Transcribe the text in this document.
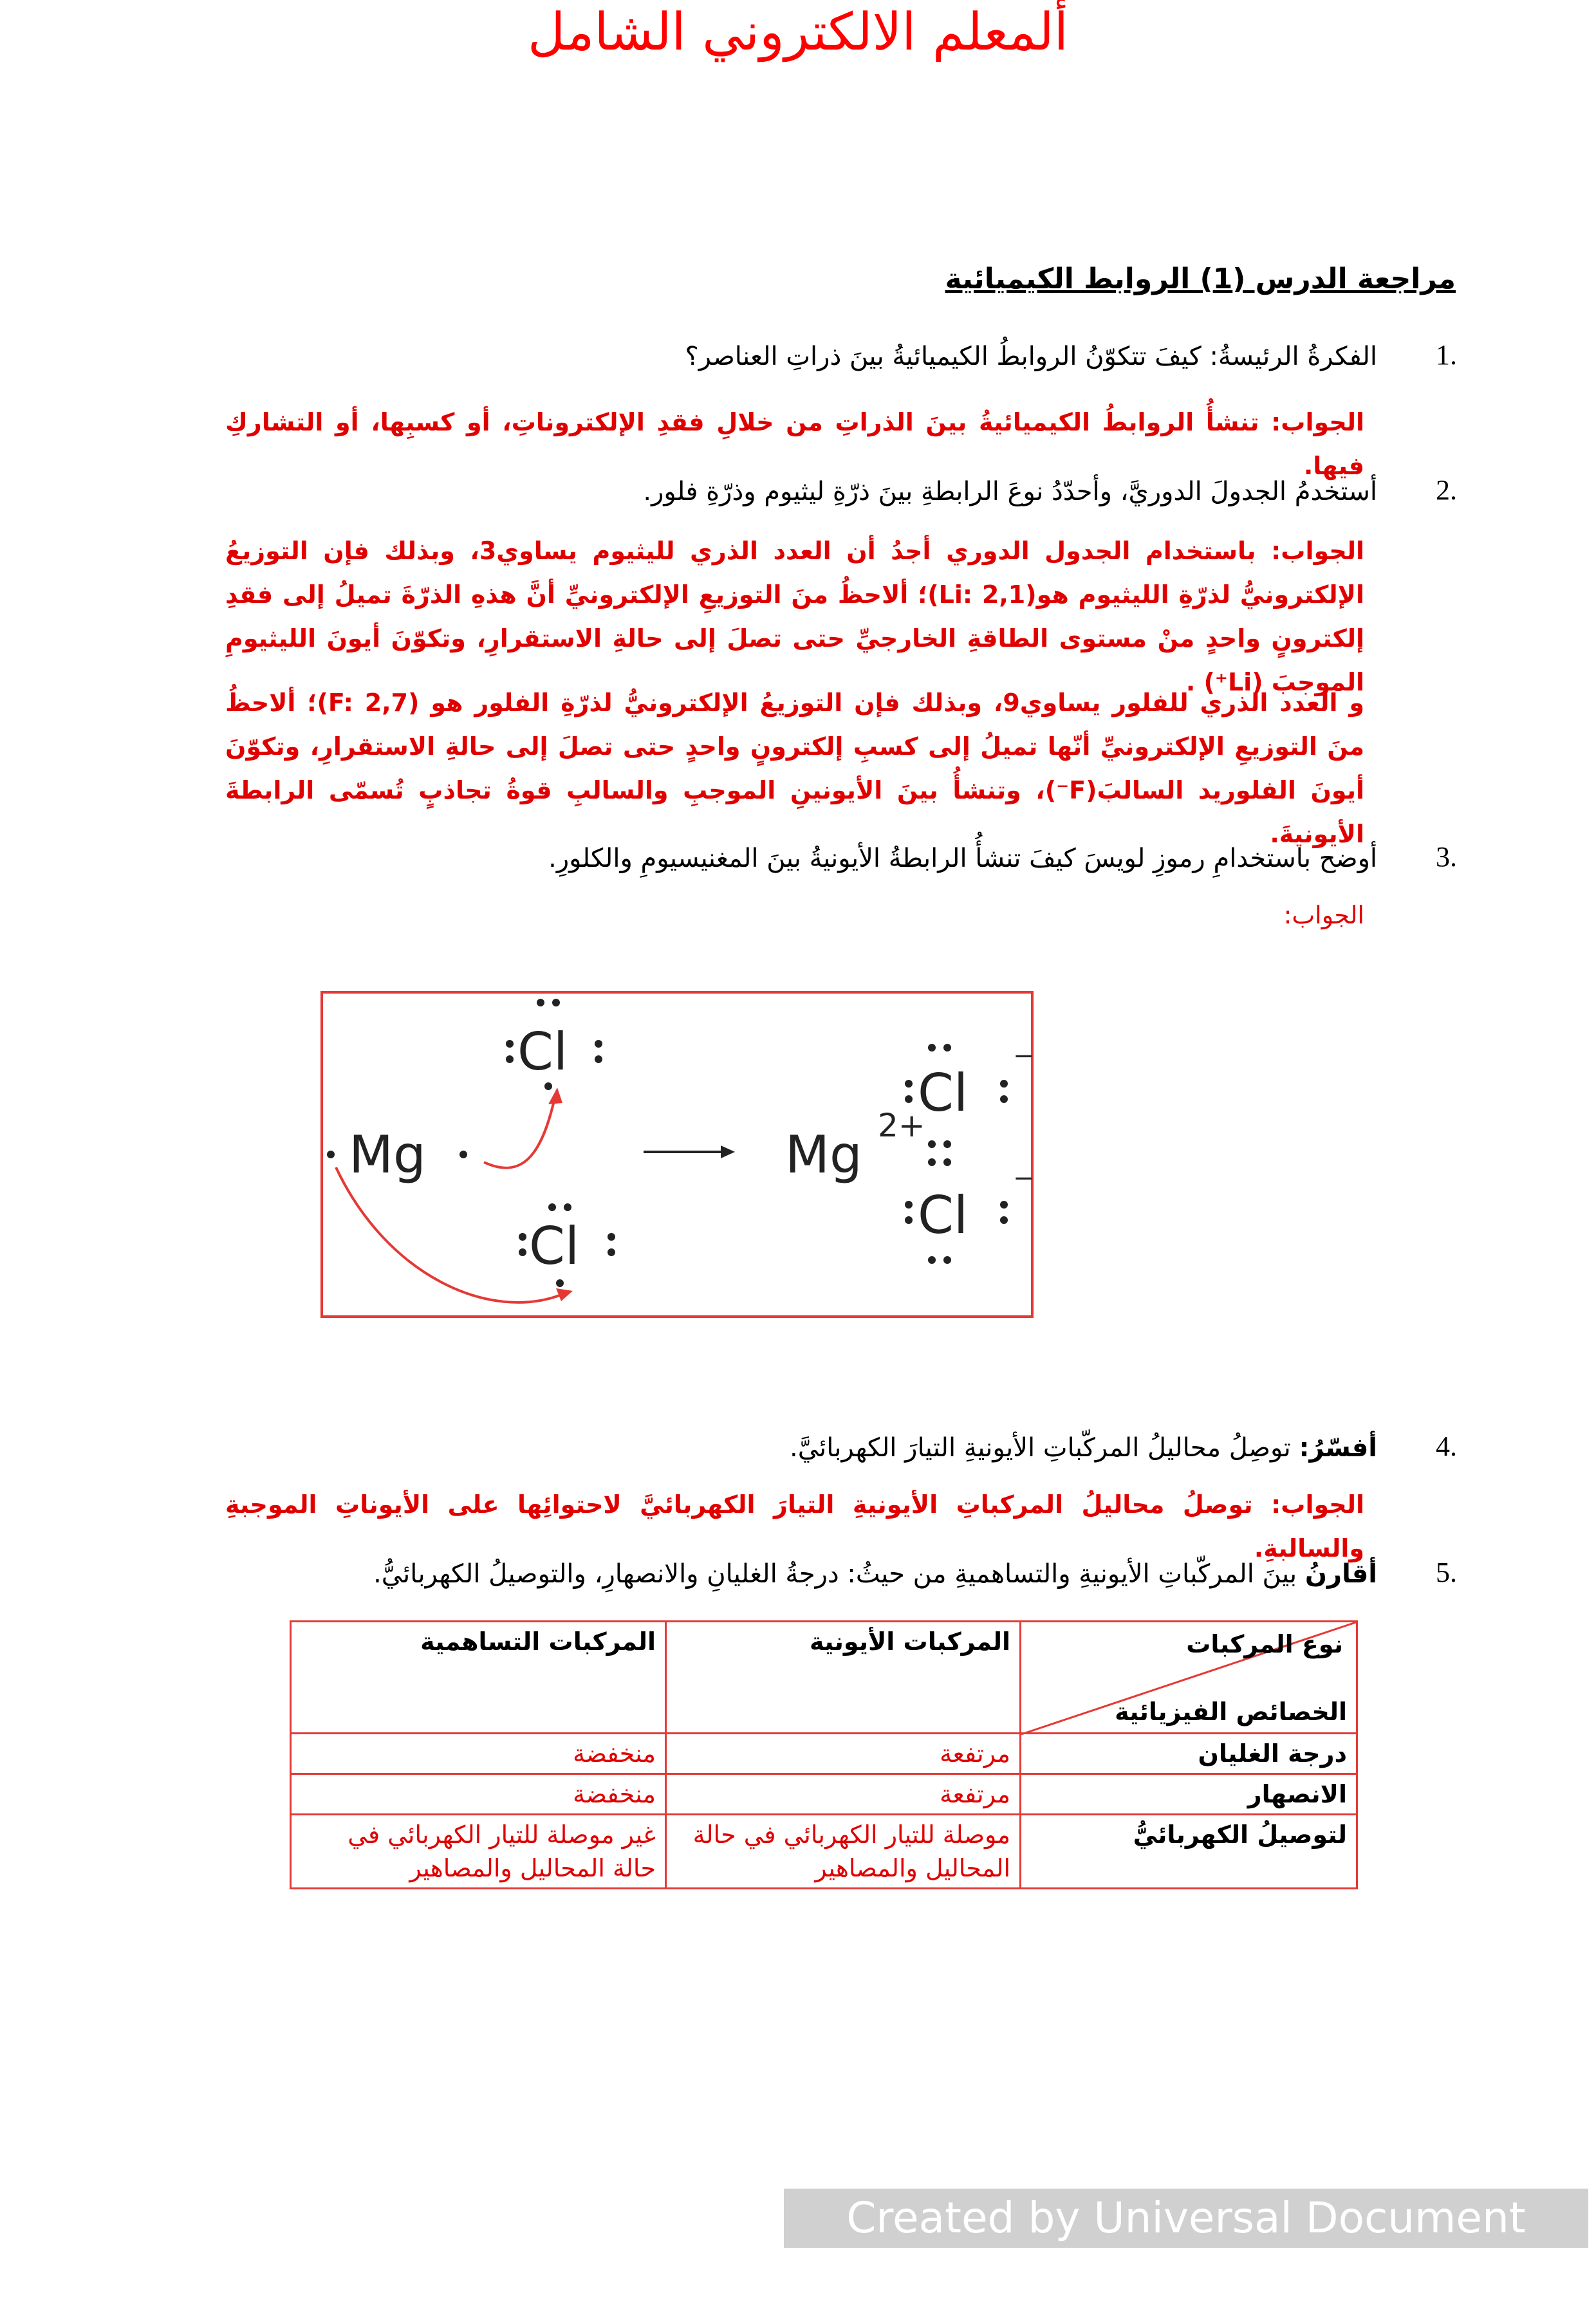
ألمعلم الالكتروني الشامل
مراجعة الدرس (1) الروابط الكيميائية
1.
الفكرةُ الرئيسةُ: كيفَ تتكوّنُ الروابطُ الكيميائيةُ بينَ ذراتِ العناصر؟
الجواب: تنشأُ الروابطُ الكيميائيةُ بينَ الذراتِ من خلالِ فقدِ الإلكتروناتِ، أو كسبِها، أو التشاركِ فيها.
2.
أستخدمُ الجدولَ الدوريَّ، وأحدّدُ نوعَ الرابطةِ بينَ ذرّةِ ليثيوم وذرّةِ فلور.
الجواب: باستخدام الجدول الدوري أجدُ أن العدد الذري لليثيوم يساوي3، وبذلك فإن التوزيعُ الإلكترونيُّ لذرّةِ الليثيوم هو(Li: 2,1)؛ ألاحظُ منَ التوزيعِ الإلكترونيِّ أنَّ هذهِ الذرّةَ تميلُ إلى فقدِ إلكترونٍ واحدٍ منْ مستوى الطاقةِ الخارجيِّ حتى تصلَ إلى حالةِ الاستقرارِ، وتكوّنَ أيونَ الليثيومِ الموجبَ (Li⁺) .
و العدد الذري للفلور يساوي9، وبذلك فإن التوزيعُ الإلكترونيُّ لذرّةِ الفلور هو (F: 2,7)؛ ألاحظُ منَ التوزيعِ الإلكترونيِّ أنّها تميلُ إلى كسبِ إلكترونٍ واحدٍ حتى تصلَ إلى حالةِ الاستقرارِ، وتكوّنَ أيونَ الفلوريد السالبَ(F⁻)، وتنشأُ بينَ الأيونينِ الموجبِ والسالبِ قوةُ تجاذبٍ تُسمّى الرابطةَ الأيونيةَ.
3.
أوضح باستخدامِ رموزِ لويسَ كيفَ تنشأُ الرابطةُ الأيونيةُ بينَ المغنيسيومِ والكلورِ.
الجواب:
Mg
Cl
Cl
Mg 2+
Cl
−
Cl
−
4.
أفسّرُ: توصِلُ محاليلُ المركّباتِ الأيونيةِ التيارَ الكهربائيَّ.
الجواب: توصلُ محاليلُ المركباتِ الأيونيةِ التيارَ الكهربائيَّ لاحتوائِها على الأيوناتِ الموجبةِ والسالبةِ.
5.
أقارنُ بينَ المركّباتِ الأيونيةِ والتساهميةِ من حيثُ: درجةُ الغليانِ والانصهارِ، والتوصيلُ الكهربائيُّ.
نوع المركبات
الخصائص الفيزيائية	المركبات الأيونية	المركبات التساهمية
درجة الغليان	مرتفعة	منخفضة
الانصهار	مرتفعة	منخفضة
لتوصيلُ الكهربائيُّ	موصلة للتيار الكهربائي في حالة المحاليل والمصاهير	غير موصلة للتيار الكهربائي في حالة المحاليل والمصاهير
Created by Universal Document Converter
